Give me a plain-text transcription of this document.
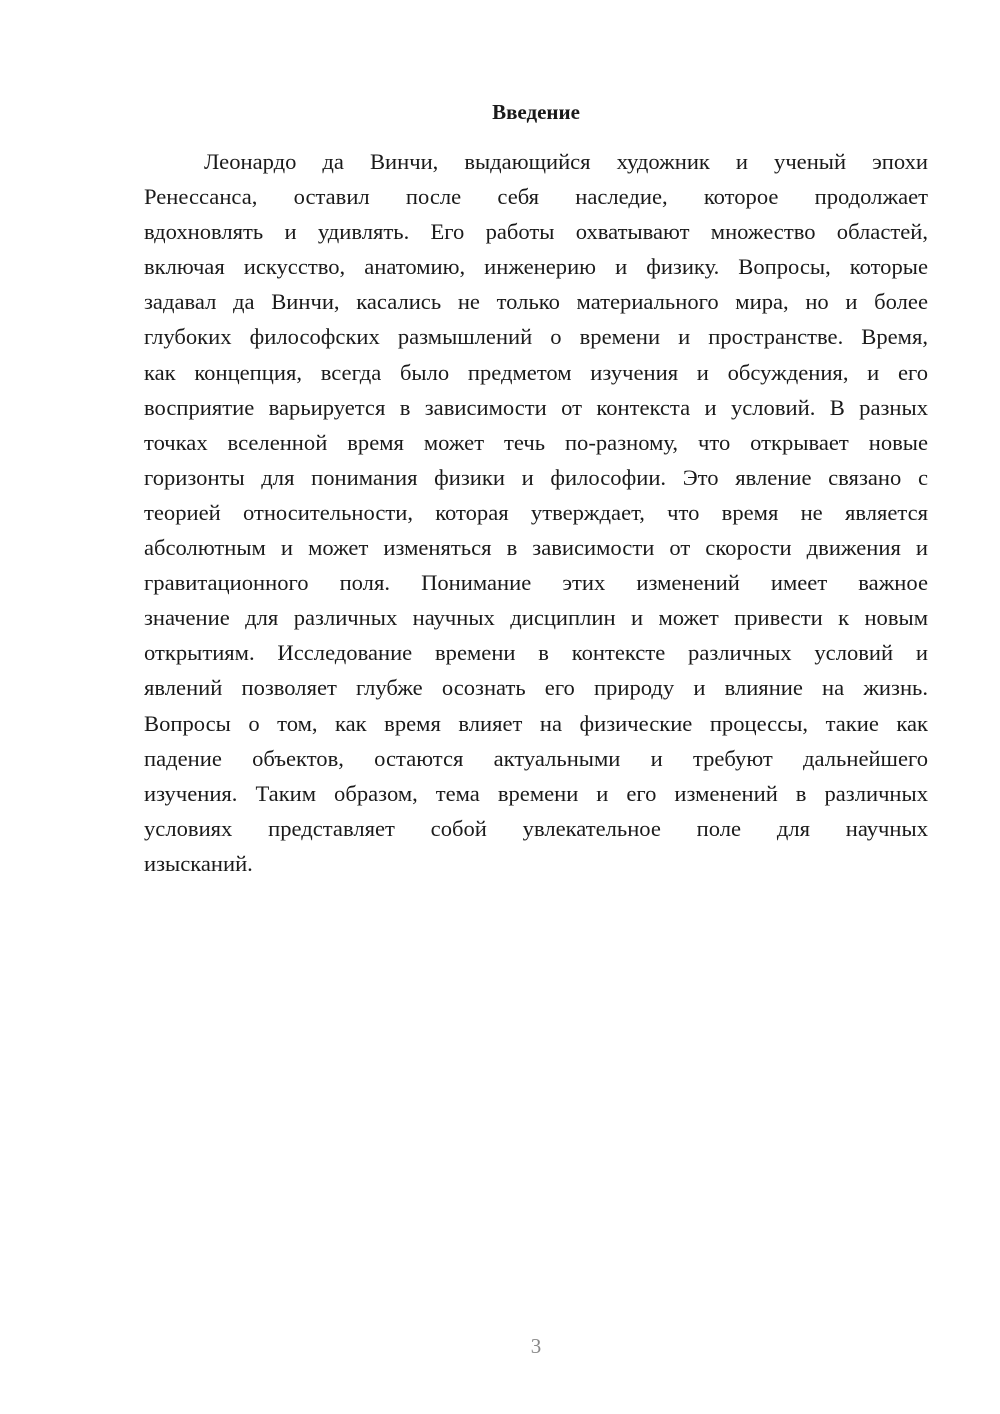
Введение
Леонардо да Винчи, выдающийся художник и ученый эпохи
Ренессанса, оставил после себя наследие, которое продолжает
вдохновлять и удивлять. Его работы охватывают множество областей,
включая искусство, анатомию, инженерию и физику. Вопросы, которые
задавал да Винчи, касались не только материального мира, но и более
глубоких философских размышлений о времени и пространстве. Время,
как концепция, всегда было предметом изучения и обсуждения, и его
восприятие варьируется в зависимости от контекста и условий. В разных
точках вселенной время может течь по-разному, что открывает новые
горизонты для понимания физики и философии. Это явление связано с
теорией относительности, которая утверждает, что время не является
абсолютным и может изменяться в зависимости от скорости движения и
гравитационного поля. Понимание этих изменений имеет важное
значение для различных научных дисциплин и может привести к новым
открытиям. Исследование времени в контексте различных условий и
явлений позволяет глубже осознать его природу и влияние на жизнь.
Вопросы о том, как время влияет на физические процессы, такие как
падение объектов, остаются актуальными и требуют дальнейшего
изучения. Таким образом, тема времени и его изменений в различных
условиях представляет собой увлекательное поле для научных
изысканий.

3
